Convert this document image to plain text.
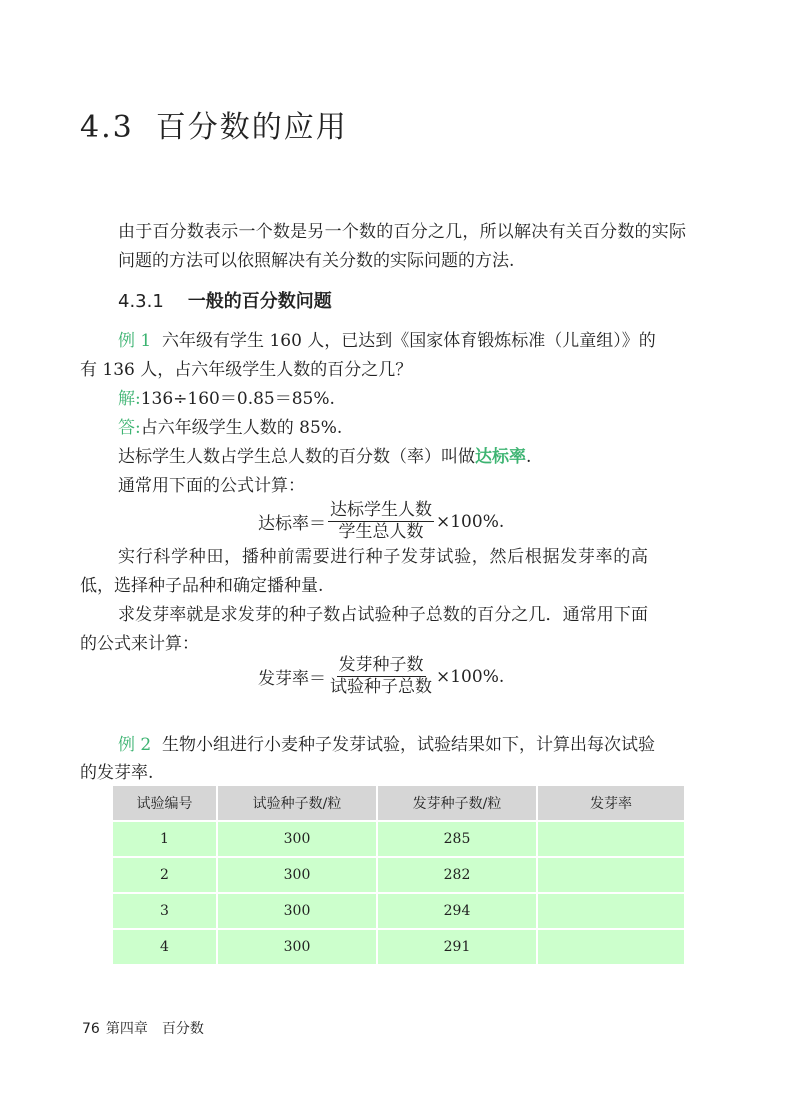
4.3 百分数的应用

由于百分数表示一个数是另一个数的百分之几，所以解决有关百分数的实际问题的方法可以依照解决有关分数的实际问题的方法.

4.3.1 一般的百分数问题
例 1 六年级有学生 160 人，已达到《国家体育锻炼标准（儿童组）》的
有 136 人，占六年级学生人数的百分之几？
解:136÷160＝0.85＝85%.
答:占六年级学生人数的 85%.
达标学生人数占学生总人数的百分数（率）叫做达标率.
通常用下面的公式计算：
达标率＝ $\frac{\text{达标学生人数}}{\text{学生总人数}} \times 100\%$.

实行科学种田，播种前需要进行种子发芽试验，然后根据发芽率的高低，选择种子品种和确定播种量.

求发芽率就是求发芽的种子数占试验种子总数的百分之几．通常用下面的公式来计算：

发芽率＝ $\frac{\text{发芽种子数}}{\text{试验种子总数}} \times 100\%$.
例 2 生物小组进行小麦种子发芽试验，试验结果如下，计算出每次试验
的发芽率.
试验编号	试验种子数/粒	发芽种子数/粒	发芽率
1	300	285	
2	300	282	
3	300	294	
4	300	291	
76 第四章 百分数
